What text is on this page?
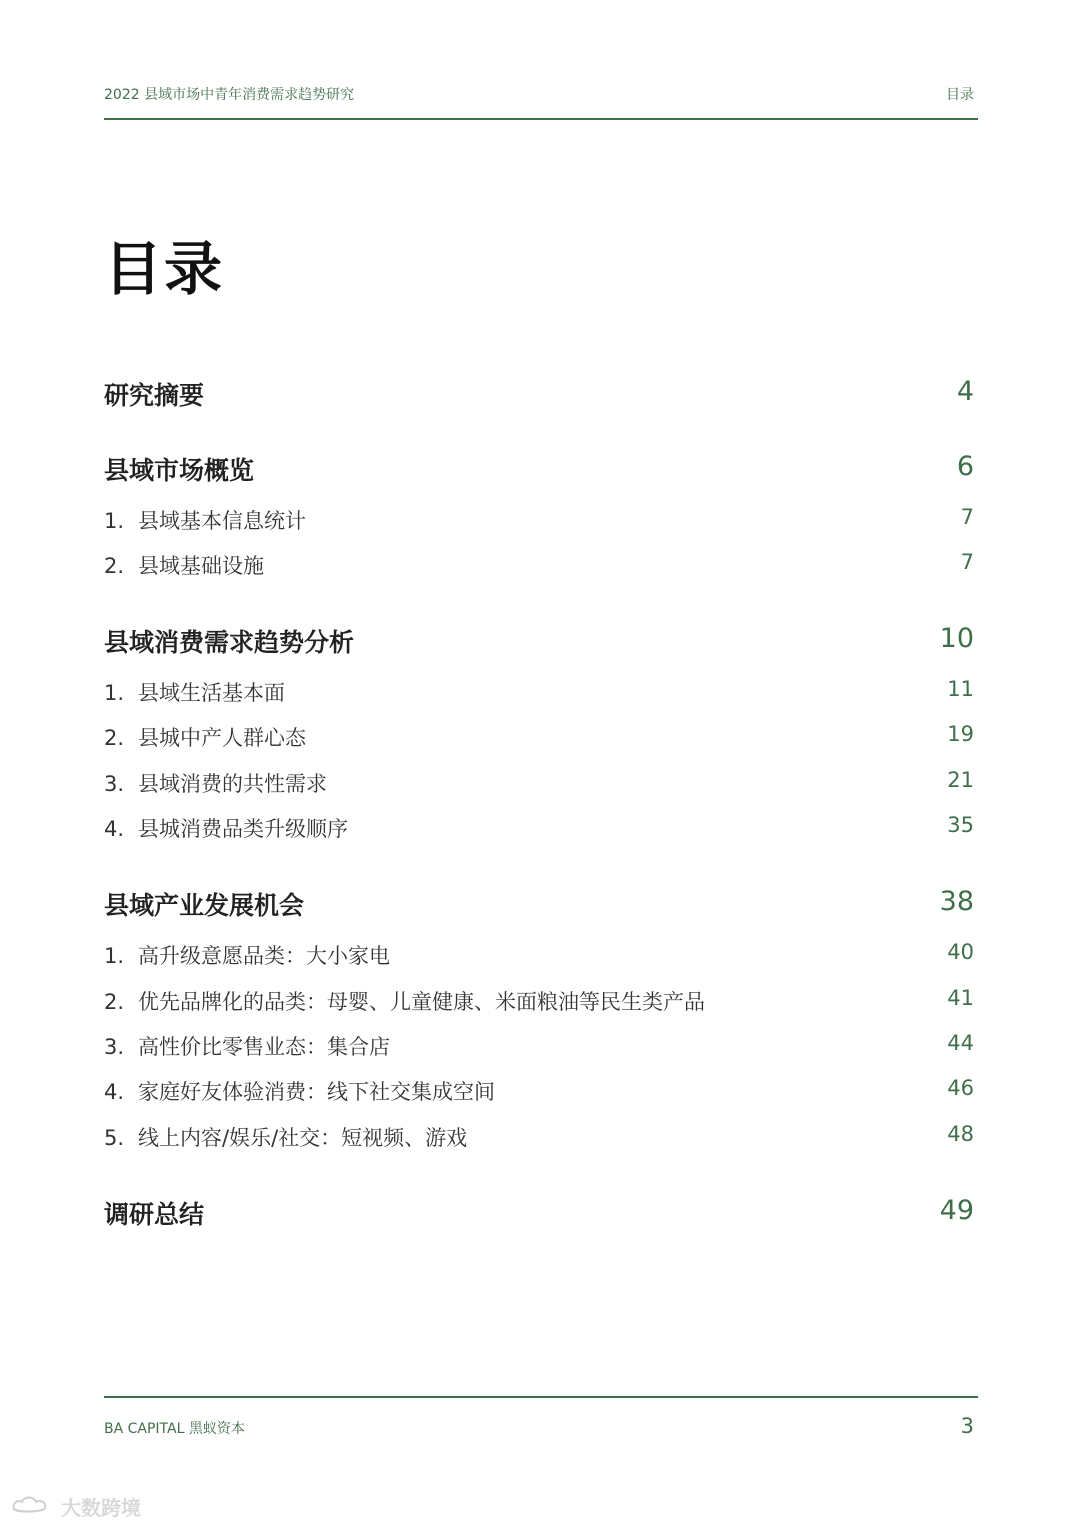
2022 县域市场中青年消费需求趋势研究	目录
目录
研究摘要	4
县域市场概览	6
1. 县域基本信息统计	7
2. 县域基础设施	7
县域消费需求趋势分析	10
1. 县域生活基本面	11
2. 县城中产人群心态	19
3. 县域消费的共性需求	21
4. 县城消费品类升级顺序	35
县域产业发展机会	38
1. 高升级意愿品类：大小家电	40
2. 优先品牌化的品类：母婴、儿童健康、米面粮油等民生类产品	41
3. 高性价比零售业态：集合店	44
4. 家庭好友体验消费：线下社交集成空间	46
5. 线上内容/娱乐/社交：短视频、游戏	48
调研总结	49
BA CAPITAL 黑蚁资本	3
大数跨境
